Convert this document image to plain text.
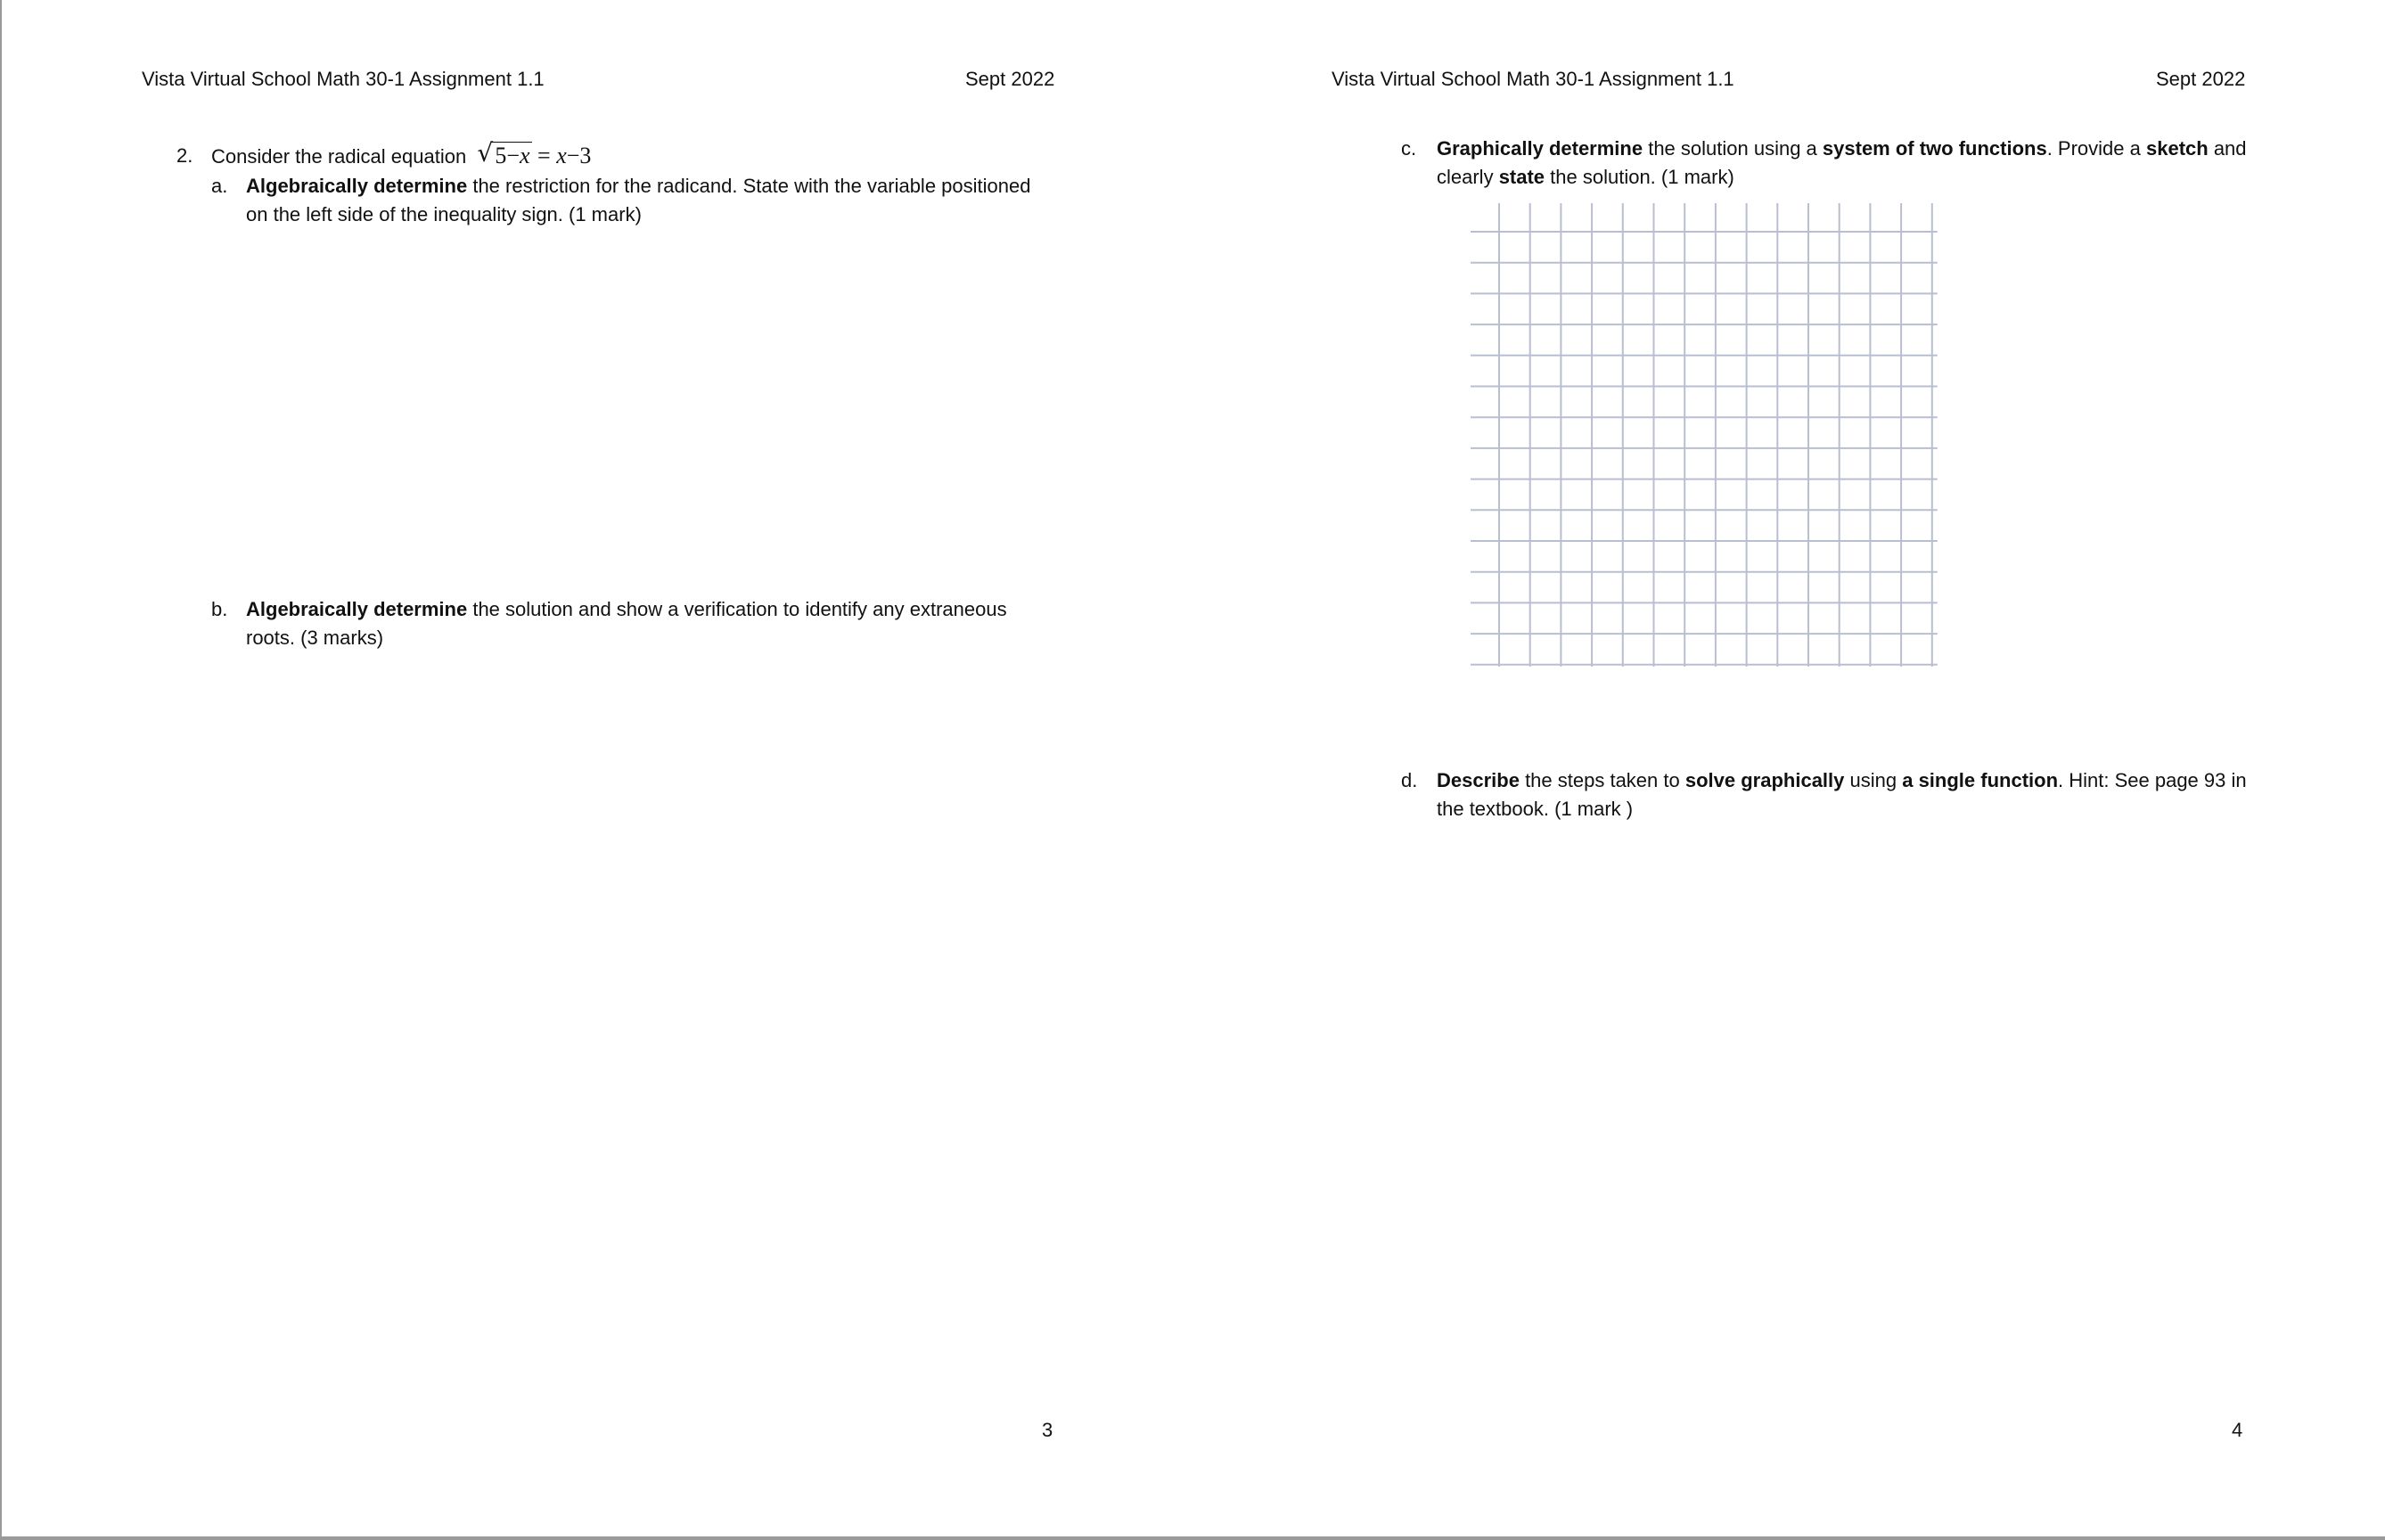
Vista Virtual School Math 30-1 Assignment 1.1	Sept 2022
2. Consider the radical equation √ 5−x = x−3
a. Algebraically determine the restriction for the radicand. State with the variable positioned
on the left side of the inequality sign. (1 mark)
b. Algebraically determine the solution and show a verification to identify any extraneous
roots. (3 marks)
3
Vista Virtual School Math 30-1 Assignment 1.1	Sept 2022
c. Graphically determine the solution using a system of two functions. Provide a sketch and
clearly state the solution. (1 mark)
d. Describe the steps taken to solve graphically using a single function. Hint: See page 93 in
the textbook. (1 mark )
4
